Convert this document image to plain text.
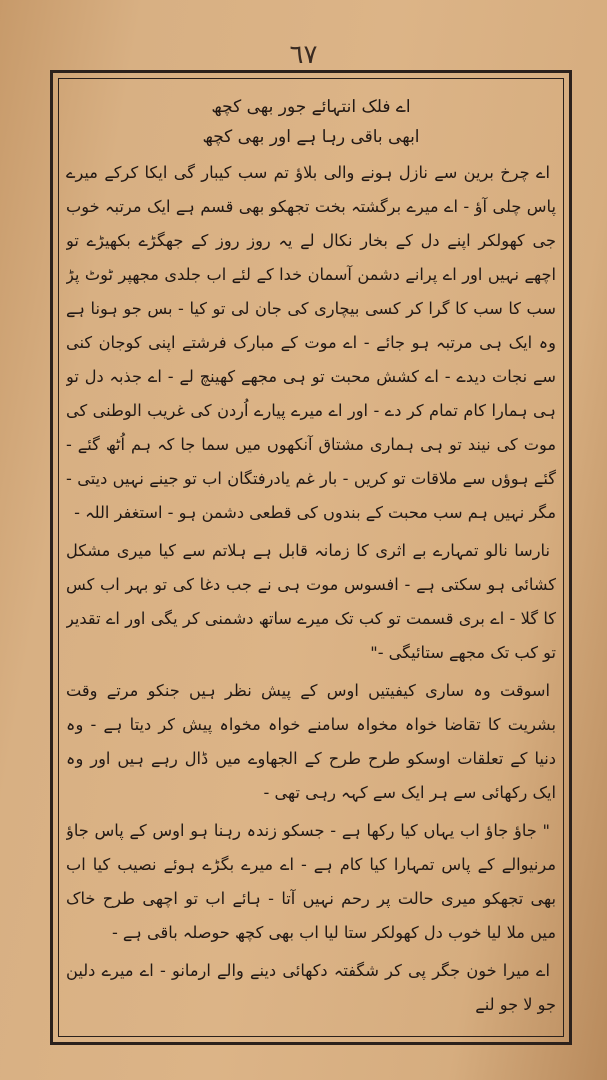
٦٧

اے فلک انتہائے جور بھی کچھ

ابھی باقی رہا ہے اور بھی کچھ

اے چرخ برین سے نازل ہونے والی بلاؤ تم سب کیبار گی ایکا کرکے میرے پاس چلی آؤ - اے میرے برگشتہ بخت تجھکو بھی قسم ہے ایک مرتبہ خوب جی کھولکر اپنے دل کے بخار نکال لے یہ روز روز کے جھگڑے بکھیڑے تو اچھے نہیں اور اے پرانے دشمن آسمان خدا کے لئے اب جلدی مجھپر ٹوٹ پڑ سب کا سب کا گرا کر کسی بیچاری کی جان لی تو کیا - بس جو ہونا ہے وہ ایک ہی مرتبہ ہو جائے - اے موت کے مبارک فرشتے اپنی کوجان کنی سے نجات دیدے - اے کشش محبت تو ہی مجھے کھینچ لے - اے جذبہ دل تو ہی ہمارا کام تمام کر دے - اور اے میرے پیارے اُردن کی غریب الوطنی کی موت کی نیند تو ہی ہماری مشتاق آنکھوں میں سما جا کہ ہم اُٹھ گئے - گئے ہوؤں سے ملاقات تو کریں - بار غم یادرفتگان اب تو جینے نہیں دیتی - مگر نہیں ہم سب محبت کے بندوں کی قطعی دشمن ہو - استغفر اللہ -

نارسا نالو تمہارے بے اثری کا زمانہ قابل ہے ہلاتم سے کیا میری مشکل کشائی ہو سکتی ہے - افسوس موت ہی نے جب دغا کی تو بہر اب کس کا گلا - اے بری قسمت تو کب تک میرے ساتھ دشمنی کر یگی اور اے تقدیر تو کب تک مجھے ستائیگی -"

اسوقت وہ ساری کیفیتیں اوس کے پیش نظر ہیں جنکو مرتے وقت بشریت کا تقاضا خواہ مخواہ سامنے خواہ مخواہ پیش کر دیتا ہے - وہ دنیا کے تعلقات اوسکو طرح طرح کے الجھاوے میں ڈال رہے ہیں اور وہ ایک رکھائی سے ہر ایک سے کہہ رہی تھی -

" جاؤ جاؤ اب یہاں کیا رکھا ہے - جسکو زندہ رہنا ہو اوس کے پاس جاؤ مرنیوالے کے پاس تمہارا کیا کام ہے - اے میرے بگڑے ہوئے نصیب کیا اب بھی تجھکو میری حالت پر رحم نہیں آتا - ہائے اب تو اچھی طرح خاک میں ملا لیا خوب دل کھولکر ستا لیا اب بھی کچھ حوصلہ باقی ہے -

اے میرا خون جگر پی کر شگفتہ دکھائی دینے والے ارمانو - اے میرے دلین جو لا جو لنے
